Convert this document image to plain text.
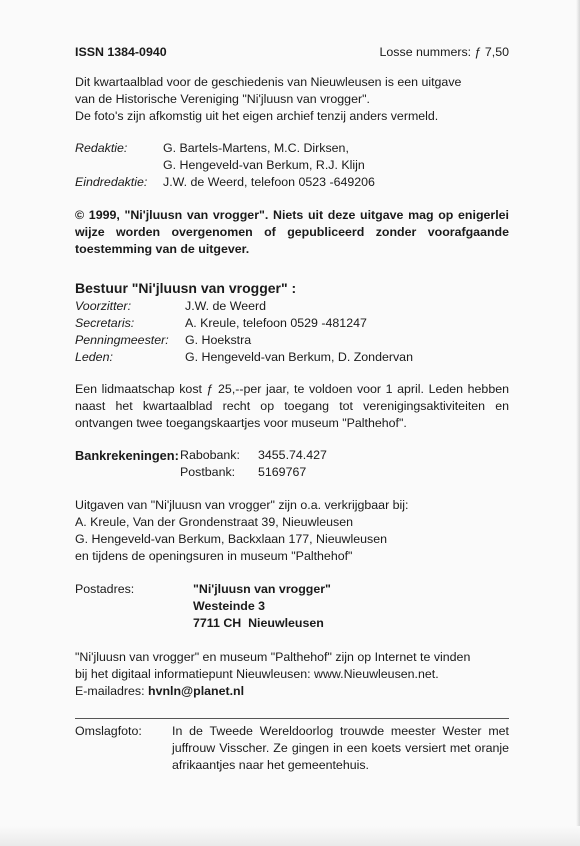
ISSN 1384-0940	Losse nummers: ƒ 7,50
Dit kwartaalblad voor de geschiedenis van Nieuwleusen is een uitgave
van de Historische Vereniging "Ni'jluusn van vrogger".
De foto's zijn afkomstig uit het eigen archief tenzij anders vermeld.
Redaktie:	G. Bartels-Martens, M.C. Dirksen,
	G. Hengeveld-van Berkum, R.J. Klijn
Eindredaktie:	J.W. de Weerd, telefoon 0523 -649206
© 1999, "Ni'jluusn van vrogger". Niets uit deze uitgave mag op enigerlei wijze worden overgenomen of gepubliceerd zonder voorafgaande toestemming van de uitgever.
Bestuur "Ni'jluusn van vrogger" :
Voorzitter:	J.W. de Weerd
Secretaris:	A. Kreule, telefoon 0529 -481247
Penningmeester:	G. Hoekstra
Leden:	G. Hengeveld-van Berkum, D. Zondervan
Een lidmaatschap kost ƒ 25,--per jaar, te voldoen voor 1 april. Leden hebben naast het kwartaalblad recht op toegang tot verenigingsaktiviteiten en ontvangen twee toegangskaartjes voor museum "Palthehof".
Bankrekeningen:	Rabobank:	3455.74.427
	Postbank:	5169767
Uitgaven van "Ni'jluusn van vrogger" zijn o.a. verkrijgbaar bij:
A. Kreule, Van der Grondenstraat 39, Nieuwleusen
G. Hengeveld-van Berkum, Backxlaan 177, Nieuwleusen
en tijdens de openingsuren in museum "Palthehof"
Postadres:	"Ni'jluusn van vrogger"
	Westeinde 3
	7711 CH  Nieuwleusen
"Ni'jluusn van vrogger" en museum "Palthehof" zijn op Internet te vinden
bij het digitaal informatiepunt Nieuwleusen: www.Nieuwleusen.net.
E-mailadres: hvnln@planet.nl
Omslagfoto:	In de Tweede Wereldoorlog trouwde meester Wester met juffrouw Visscher. Ze gingen in een koets versiert met oranje afrikaantjes naar het gemeentehuis.
